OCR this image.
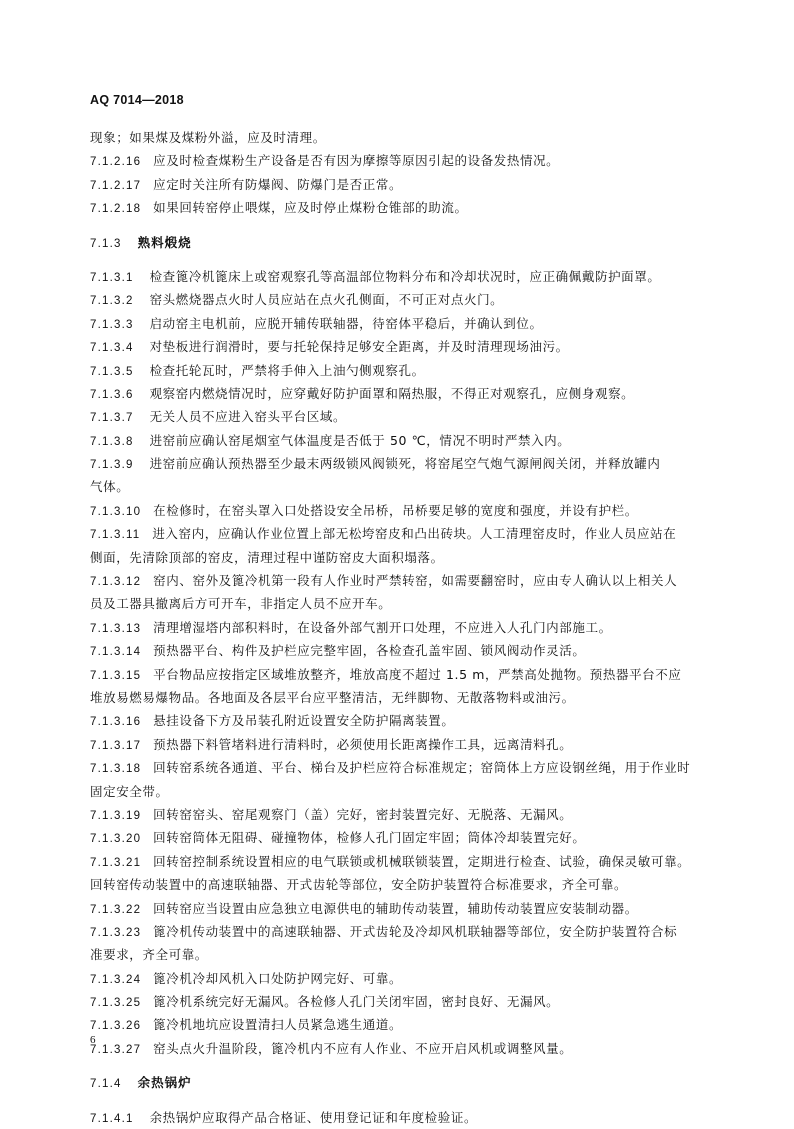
AQ 7014—2018
现象；如果煤及煤粉外溢，应及时清理。
7.1.2.16 应及时检查煤粉生产设备是否有因为摩擦等原因引起的设备发热情况。
7.1.2.17 应定时关注所有防爆阀、防爆门是否正常。
7.1.2.18 如果回转窑停止喂煤，应及时停止煤粉仓锥部的助流。
7.1.3 熟料煅烧
7.1.3.1 检查篦冷机篦床上或窑观察孔等高温部位物料分布和冷却状况时，应正确佩戴防护面罩。
7.1.3.2 窑头燃烧器点火时人员应站在点火孔侧面，不可正对点火门。
7.1.3.3 启动窑主电机前，应脱开辅传联轴器，待窑体平稳后，并确认到位。
7.1.3.4 对垫板进行润滑时，要与托轮保持足够安全距离，并及时清理现场油污。
7.1.3.5 检查托轮瓦时，严禁将手伸入上油勺侧观察孔。
7.1.3.6 观察窑内燃烧情况时，应穿戴好防护面罩和隔热服，不得正对观察孔，应侧身观察。
7.1.3.7 无关人员不应进入窑头平台区域。
7.1.3.8 进窑前应确认窑尾烟室气体温度是否低于 50 ℃，情况不明时严禁入内。
7.1.3.9 进窑前应确认预热器至少最末两级锁风阀锁死，将窑尾空气炮气源闸阀关闭，并释放罐内
气体。
7.1.3.10 在检修时，在窑头罩入口处搭设安全吊桥，吊桥要足够的宽度和强度，并设有护栏。
7.1.3.11 进入窑内，应确认作业位置上部无松垮窑皮和凸出砖块。人工清理窑皮时，作业人员应站在
侧面，先清除顶部的窑皮，清理过程中谨防窑皮大面积塌落。
7.1.3.12 窑内、窑外及篦冷机第一段有人作业时严禁转窑，如需要翻窑时，应由专人确认以上相关人
员及工器具撤离后方可开车，非指定人员不应开车。
7.1.3.13 清理增湿塔内部积料时，在设备外部气割开口处理，不应进入人孔门内部施工。
7.1.3.14 预热器平台、构件及护栏应完整牢固，各检查孔盖牢固、锁风阀动作灵活。
7.1.3.15 平台物品应按指定区域堆放整齐，堆放高度不超过 1.5 m，严禁高处抛物。预热器平台不应
堆放易燃易爆物品。各地面及各层平台应平整清洁，无绊脚物、无散落物料或油污。
7.1.3.16 悬挂设备下方及吊装孔附近设置安全防护隔离装置。
7.1.3.17 预热器下料管堵料进行清料时，必须使用长距离操作工具，远离清料孔。
7.1.3.18 回转窑系统各通道、平台、梯台及护栏应符合标准规定；窑筒体上方应设钢丝绳，用于作业时
固定安全带。
7.1.3.19 回转窑窑头、窑尾观察门（盖）完好，密封装置完好、无脱落、无漏风。
7.1.3.20 回转窑筒体无阻碍、碰撞物体，检修人孔门固定牢固；筒体冷却装置完好。
7.1.3.21 回转窑控制系统设置相应的电气联锁或机械联锁装置，定期进行检查、试验，确保灵敏可靠。
回转窑传动装置中的高速联轴器、开式齿轮等部位，安全防护装置符合标准要求，齐全可靠。
7.1.3.22 回转窑应当设置由应急独立电源供电的辅助传动装置，辅助传动装置应安装制动器。
7.1.3.23 篦冷机传动装置中的高速联轴器、开式齿轮及冷却风机联轴器等部位，安全防护装置符合标
准要求，齐全可靠。
7.1.3.24 篦冷机冷却风机入口处防护网完好、可靠。
7.1.3.25 篦冷机系统完好无漏风。各检修人孔门关闭牢固，密封良好、无漏风。
7.1.3.26 篦冷机地坑应设置清扫人员紧急逃生通道。
7.1.3.27 窑头点火升温阶段，篦冷机内不应有人作业、不应开启风机或调整风量。
7.1.4 余热锅炉
7.1.4.1 余热锅炉应取得产品合格证、使用登记证和年度检验证。
6
